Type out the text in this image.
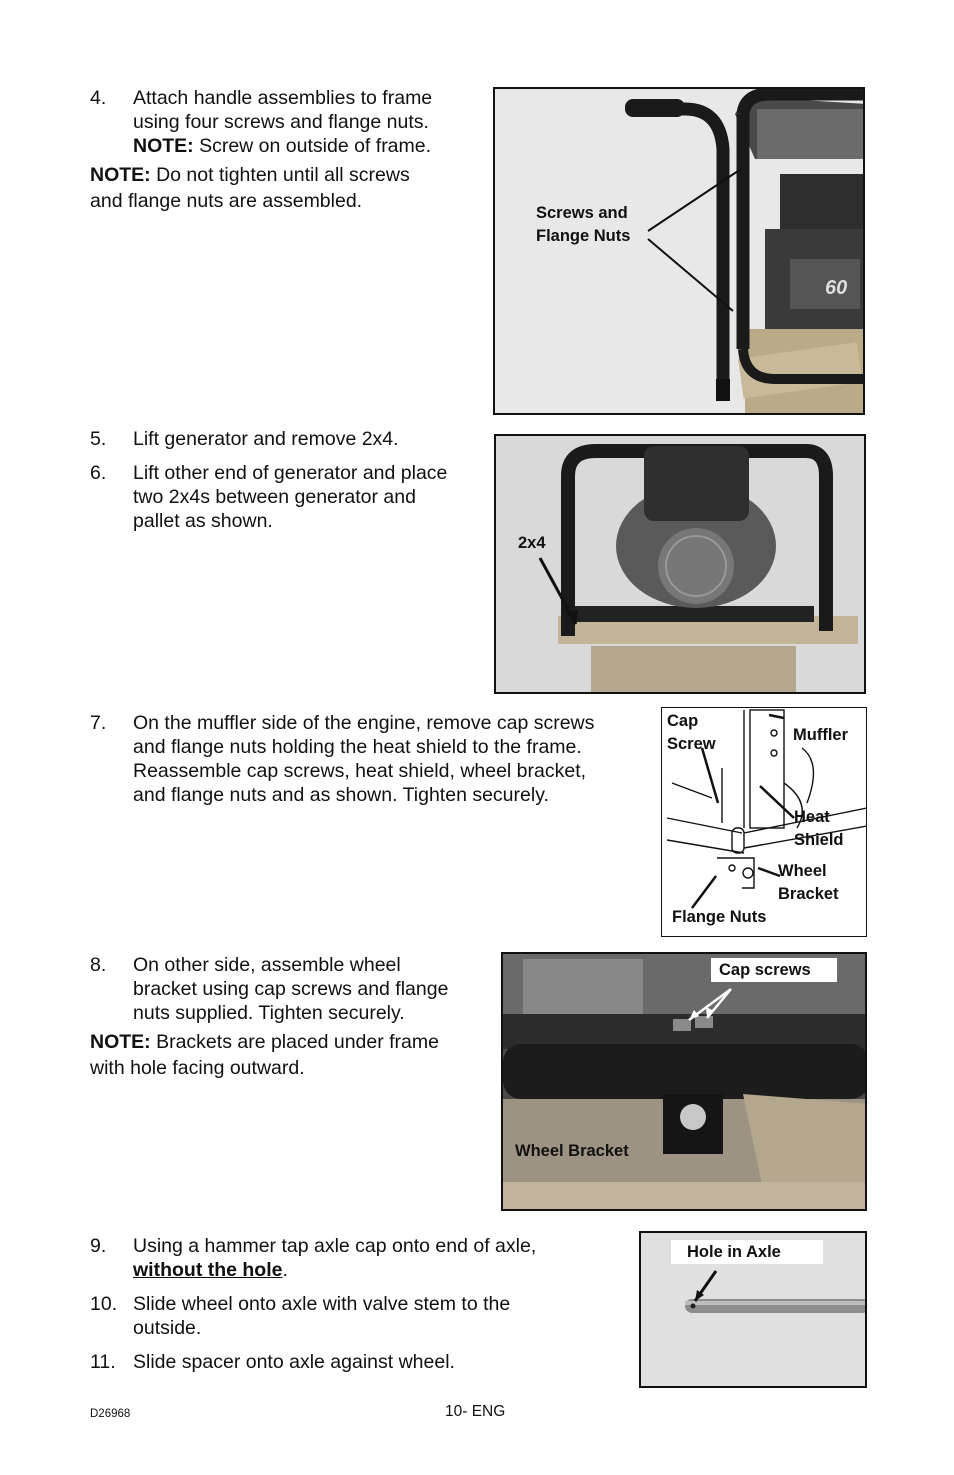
4.	Attach handle assemblies to frame
using four screws and flange nuts.
NOTE: Screw on outside of frame.
NOTE: Do not tighten until all screws
and flange nuts are assembled.
60
Screws and
Flange Nuts
5.	Lift generator and remove 2x4.
6.	Lift other end of generator and place
two 2x4s between generator and
pallet as shown.
2x4
7.	On the muffler side of the engine, remove cap screws
and flange nuts holding the heat shield to the frame.
Reassemble cap screws, heat shield, wheel bracket,
and flange nuts and as shown. Tighten securely.
Cap
Screw	Muffler
Heat
Shield
Wheel
Bracket
Flange Nuts
8.	On other side, assemble wheel
bracket using cap screws and flange
nuts supplied. Tighten securely.
NOTE: Brackets are placed under frame
with hole facing outward.
Cap screws
Wheel Bracket
9.	Using a hammer tap axle cap onto end of axle,
without the hole.
10. Slide wheel onto axle with valve stem to the
outside.
11. Slide spacer onto axle against wheel.
Hole in Axle
D26968	10- ENG
